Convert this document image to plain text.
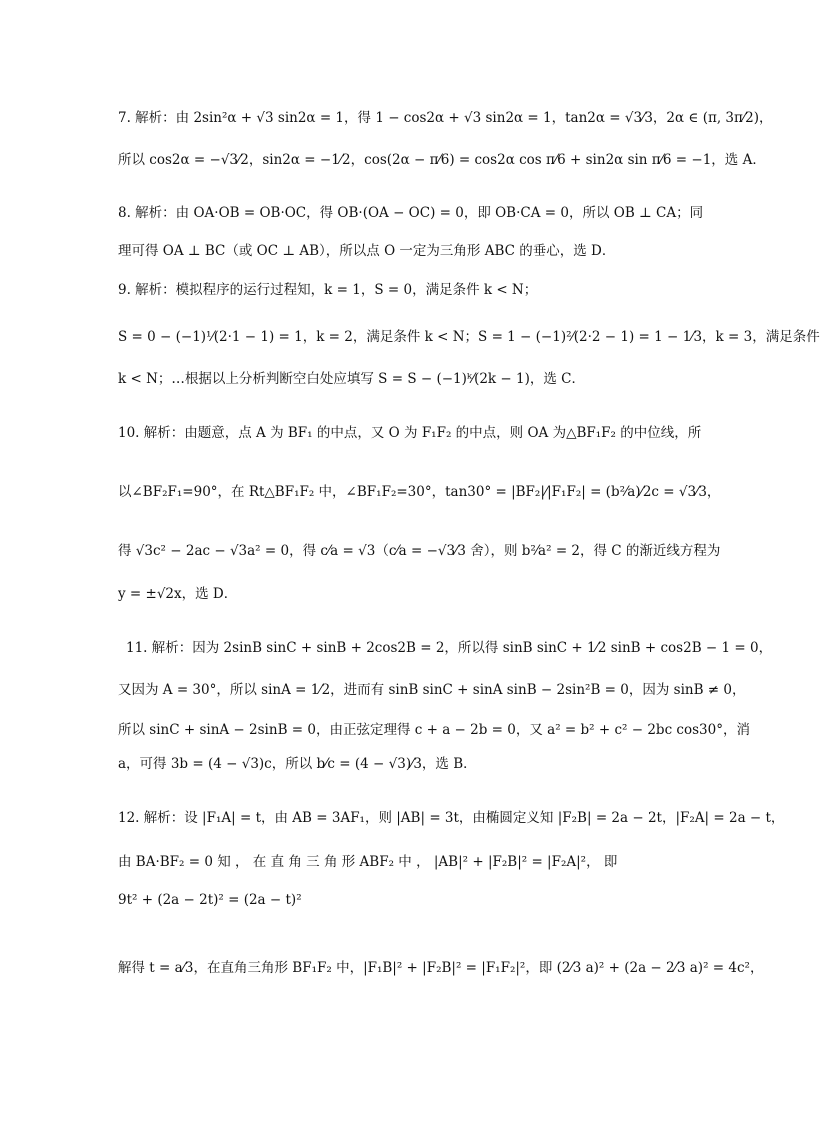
7. 解析：由 2sin²α + √3 sin2α = 1，得 1 − cos2α + √3 sin2α = 1，tan2α = √3⁄3，2α ∈ (π, 3π⁄2)，
所以 cos2α = −√3⁄2，sin2α = −1⁄2，cos(2α − π⁄6) = cos2α cos π⁄6 + sin2α sin π⁄6 = −1，选 A．
8. 解析：由 OA·OB = OB·OC，得 OB·(OA − OC) = 0，即 OB·CA = 0，所以 OB ⊥ CA；同
理可得 OA ⊥ BC（或 OC ⊥ AB），所以点 O 一定为三角形 ABC 的垂心，选 D．
9. 解析：模拟程序的运行过程知，k = 1，S = 0，满足条件 k < N；
S = 0 − (−1)¹⁄(2·1 − 1) = 1，k = 2，满足条件 k < N；S = 1 − (−1)²⁄(2·2 − 1) = 1 − 1⁄3，k = 3，满足条件
k < N；…根据以上分析判断空白处应填写 S = S − (−1)ᵏ⁄(2k − 1)，选 C．
10. 解析：由题意，点 A 为 BF₁ 的中点，又 O 为 F₁F₂ 的中点，则 OA 为△BF₁F₂ 的中位线，所
以∠BF₂F₁=90°，在 Rt△BF₁F₂ 中，∠BF₁F₂=30°，tan30° = |BF₂|⁄|F₁F₂| = (b²⁄a)⁄2c = √3⁄3，
得 √3c² − 2ac − √3a² = 0，得 c⁄a = √3（c⁄a = −√3⁄3 舍），则 b²⁄a² = 2，得 C 的渐近线方程为
y = ±√2x，选 D．
11. 解析：因为 2sinB sinC + sinB + 2cos2B = 2，所以得 sinB sinC + 1⁄2 sinB + cos2B − 1 = 0，
又因为 A = 30°，所以 sinA = 1⁄2，进而有 sinB sinC + sinA sinB − 2sin²B = 0，因为 sinB ≠ 0，
所以 sinC + sinA − 2sinB = 0，由正弦定理得 c + a − 2b = 0，又 a² = b² + c² − 2bc cos30°，消
a，可得 3b = (4 − √3)c，所以 b⁄c = (4 − √3)⁄3，选 B．
12. 解析：设 |F₁A| = t，由 AB = 3AF₁，则 |AB| = 3t，由椭圆定义知 |F₂B| = 2a − 2t，|F₂A| = 2a − t，
由 BA·BF₂ = 0 知 ， 在 直 角 三 角 形 ABF₂ 中 ， |AB|² + |F₂B|² = |F₂A|²， 即
9t² + (2a − 2t)² = (2a − t)²
解得 t = a⁄3，在直角三角形 BF₁F₂ 中，|F₁B|² + |F₂B|² = |F₁F₂|²，即 (2⁄3 a)² + (2a − 2⁄3 a)² = 4c²，
